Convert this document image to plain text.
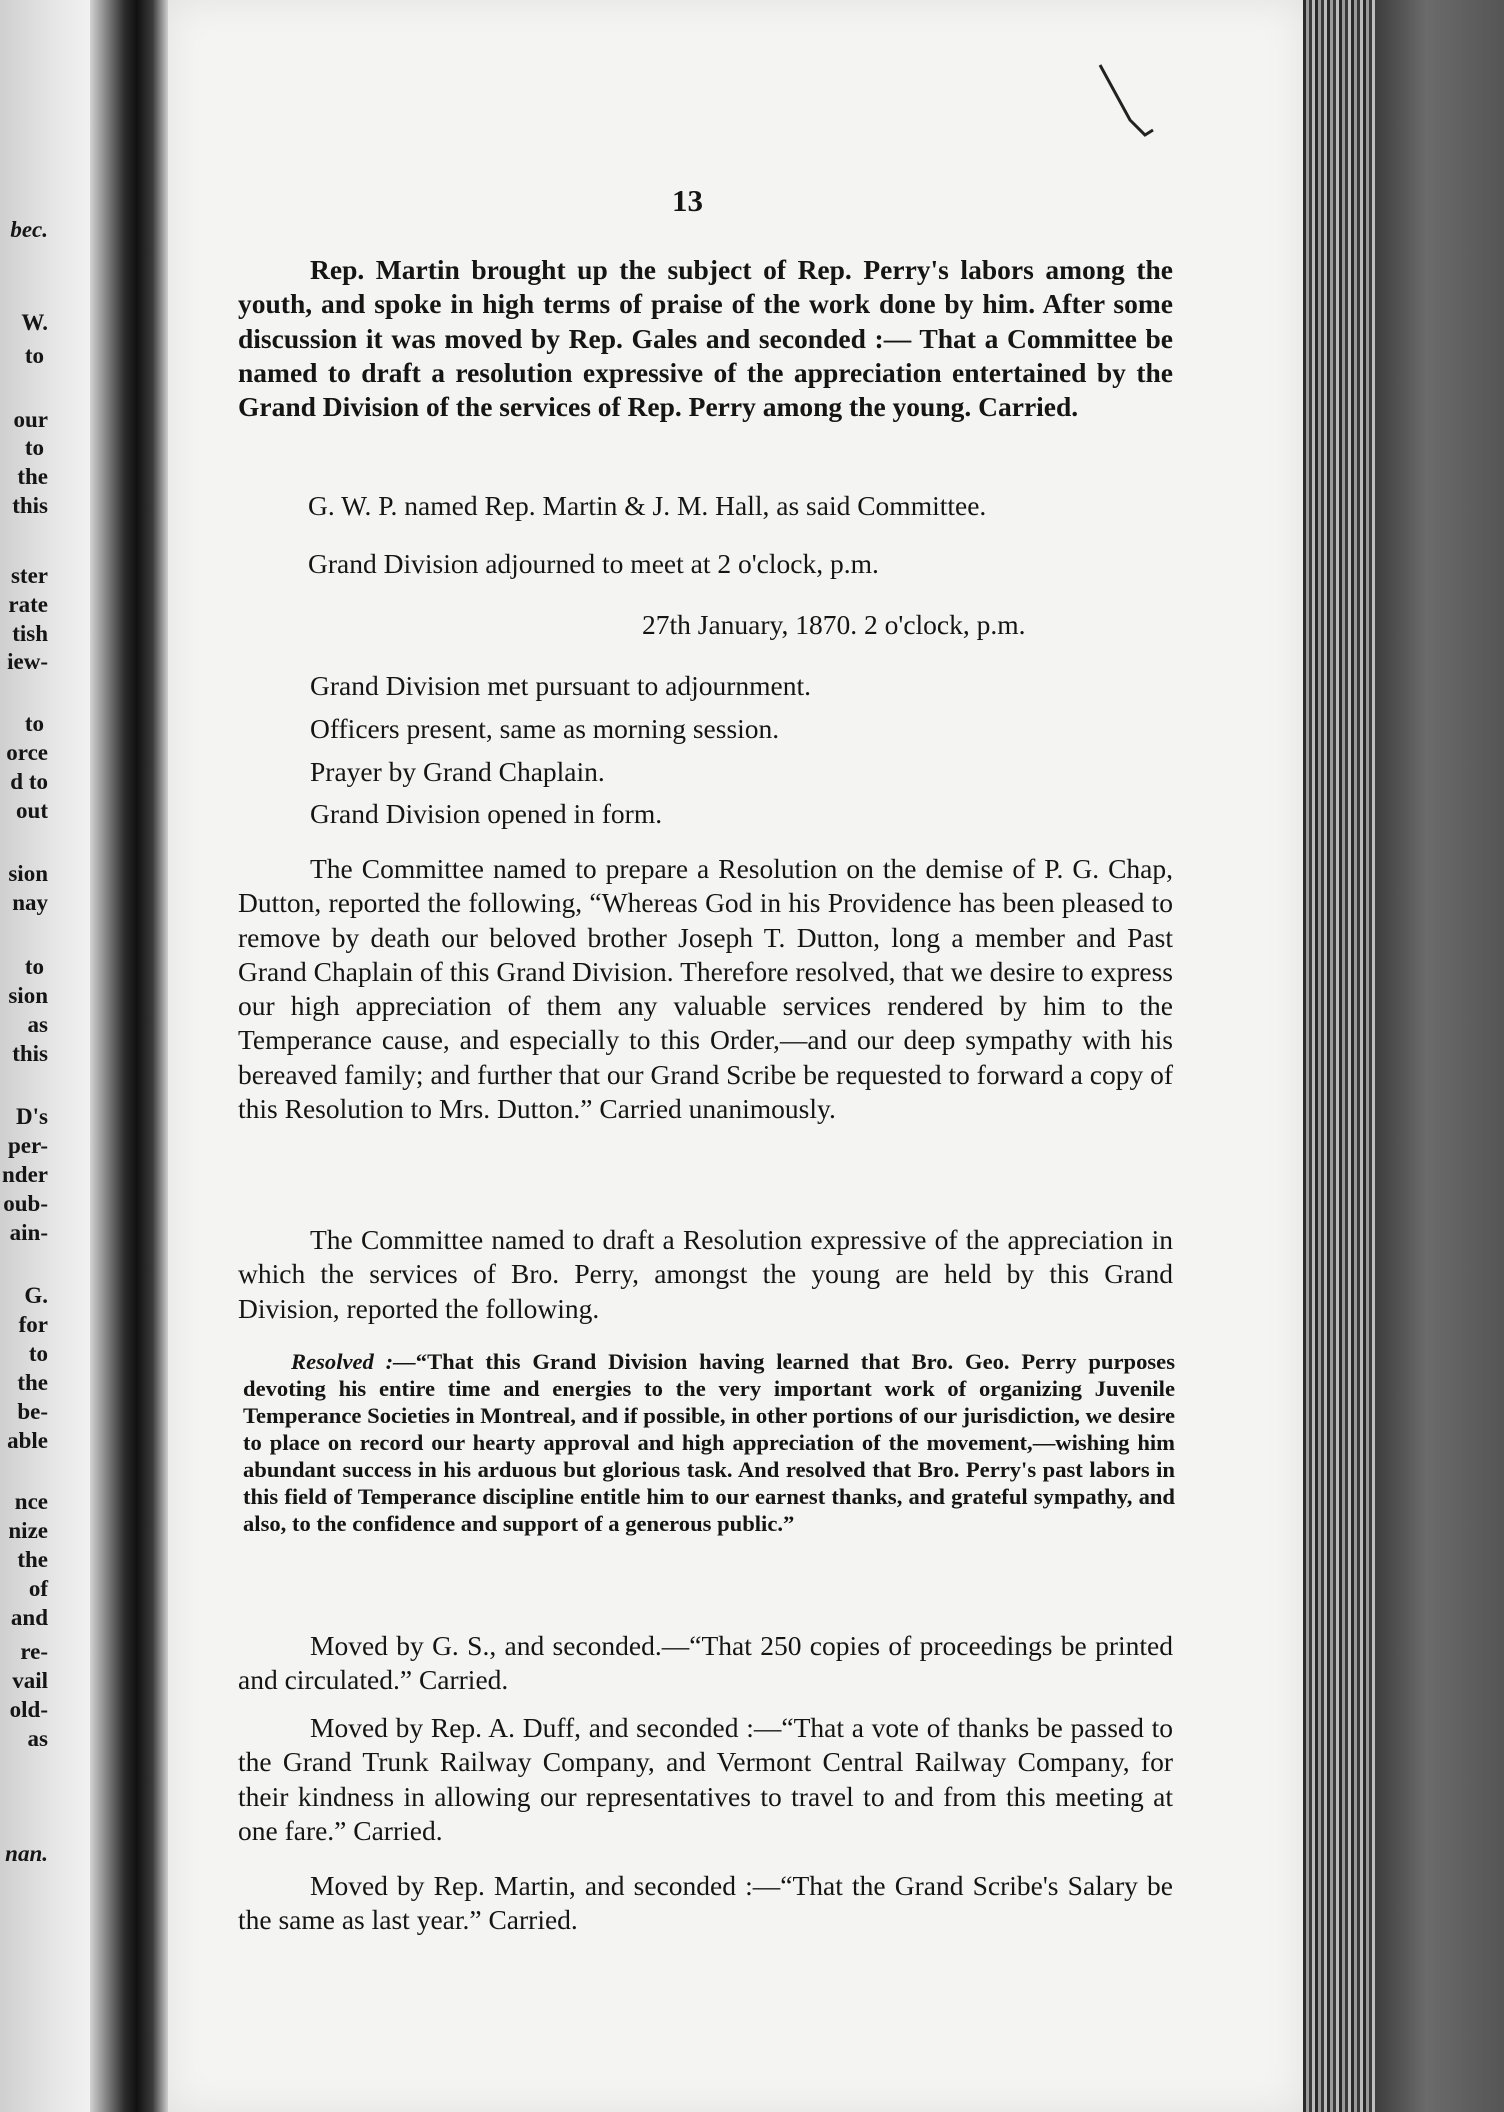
bec.
W.
to
our
to
the
this
ster
rate
tish
iew-
to
orce
d to
out
sion
nay
to
sion
as
this
D's
per-
nder
oub-
ain-
G.
for
to
the
be-
able
nce
nize
the
of
and
re-
vail
old-
as
nan.
13
Rep. Martin brought up the subject of Rep. Perry's labors among the youth, and spoke in high terms of praise of the work done by him. After some discussion it was moved by Rep. Gales and seconded :— That a Committee be named to draft a resolution expressive of the appreciation entertained by the Grand Division of the services of Rep. Perry among the young. Carried.
G. W. P. named Rep. Martin & J. M. Hall, as said Committee.
Grand Division adjourned to meet at 2 o'clock, p.m.
27th January, 1870. 2 o'clock, p.m.
Grand Division met pursuant to adjournment.
Officers present, same as morning session.
Prayer by Grand Chaplain.
Grand Division opened in form.
The Committee named to prepare a Resolution on the demise of P. G. Chap, Dutton, reported the following, “Whereas God in his Providence has been pleased to remove by death our beloved brother Joseph T. Dutton, long a member and Past Grand Chaplain of this Grand Division. Therefore resolved, that we desire to express our high appreciation of them any valuable services rendered by him to the Temperance cause, and especially to this Order,—and our deep sympathy with his bereaved family; and further that our Grand Scribe be requested to forward a copy of this Resolution to Mrs. Dutton.” Carried unanimously.
The Committee named to draft a Resolution expressive of the appreciation in which the services of Bro. Perry, amongst the young are held by this Grand Division, reported the following.
Resolved :—“That this Grand Division having learned that Bro. Geo. Perry purposes devoting his entire time and energies to the very important work of organizing Juvenile Temperance Societies in Montreal, and if possible, in other portions of our jurisdiction, we desire to place on record our hearty approval and high appreciation of the movement,—wishing him abundant success in his arduous but glorious task. And resolved that Bro. Perry's past labors in this field of Temperance discipline entitle him to our earnest thanks, and grateful sympathy, and also, to the confidence and support of a generous public.”
Moved by G. S., and seconded.—“That 250 copies of proceedings be printed and circulated.” Carried.
Moved by Rep. A. Duff, and seconded :—“That a vote of thanks be passed to the Grand Trunk Railway Company, and Vermont Central Railway Company, for their kindness in allowing our representatives to travel to and from this meeting at one fare.” Carried.
Moved by Rep. Martin, and seconded :—“That the Grand Scribe's Salary be the same as last year.” Carried.
